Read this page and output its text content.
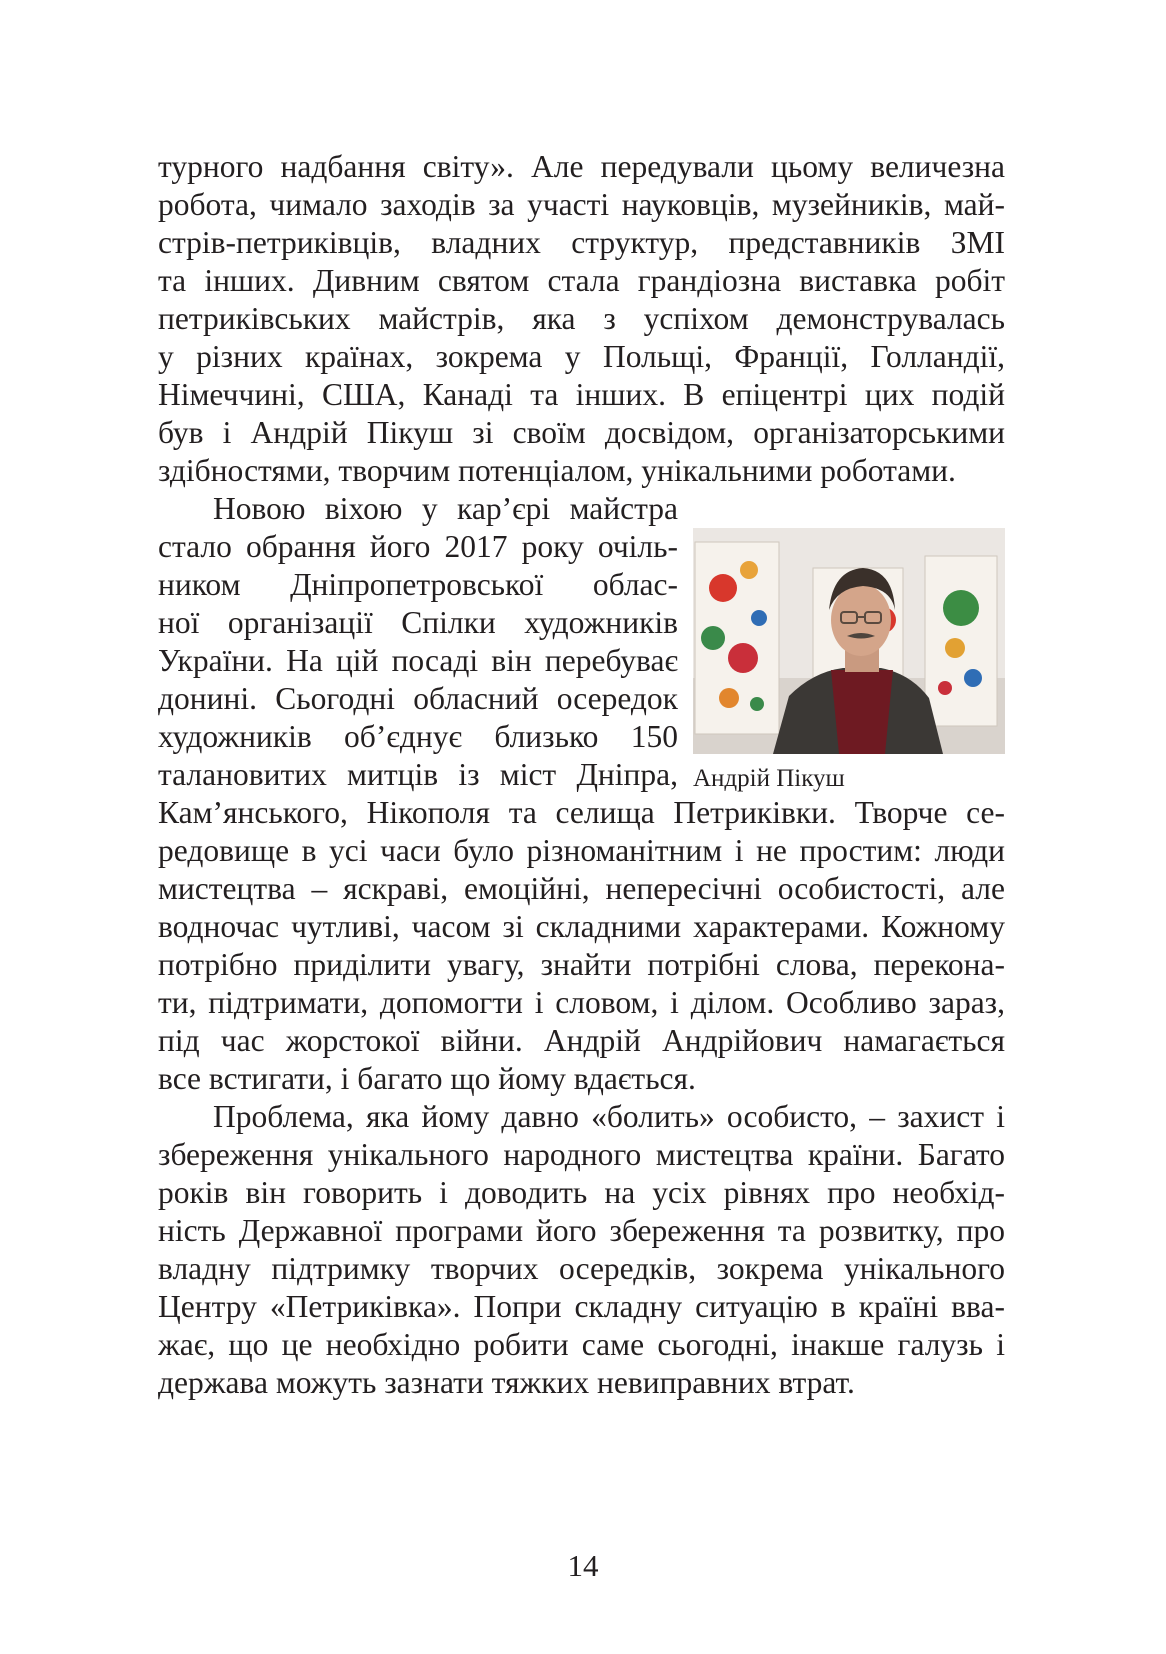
турного надбання світу». Але передували цьому величезна
робота, чимало заходів за участі науковців, музейників, май-
стрів-петриківців, владних структур, представників ЗМІ
та інших. Дивним святом стала грандіозна виставка робіт
петриківських майстрів, яка з успіхом демонструвалась
у різних країнах, зокрема у Польщі, Франції, Голландії,
Німеччині, США, Канаді та інших. В епіцентрі цих подій
був і Андрій Пікуш зі своїм досвідом, організаторськими
здібностями, творчим потенціалом, унікальними роботами.
Новою віхою у кар’єрі майстра
стало обрання його 2017 року очіль-
ником Дніпропетровської облас-
ної організації Спілки художників
України. На цій посаді він перебуває
донині. Сьогодні обласний осередок
художників об’єднує близько 150
талановитих митців із міст Дніпра,
Кам’янського, Нікополя та селища Петриківки. Творче се-
редовище в усі часи було різноманітним і не простим: люди
мистецтва – яскраві, емоційні, непересічні особистості, але
водночас чутливі, часом зі складними характерами. Кожному
потрібно приділити увагу, знайти потрібні слова, переконa-
ти, підтримати, допомогти і словом, і ділом. Особливо зараз,
під час жорстокої війни. Андрій Андрійович намагається
все встигати, і багато що йому вдається.
Проблема, яка йому давно «болить» особисто, – захист і
збереження унікального народного мистецтва країни. Багато
років він говорить і доводить на усіх рівнях про необхід-
ність Державної програми його збереження та розвитку, про
владну підтримку творчих осередків, зокрема унікального
Центру «Петриківка». Попри складну ситуацію в країні вва-
жає, що це необхідно робити саме сьогодні, інакше галузь і
держава можуть зазнати тяжких невиправних втрат.
Андрій Пікуш
14
